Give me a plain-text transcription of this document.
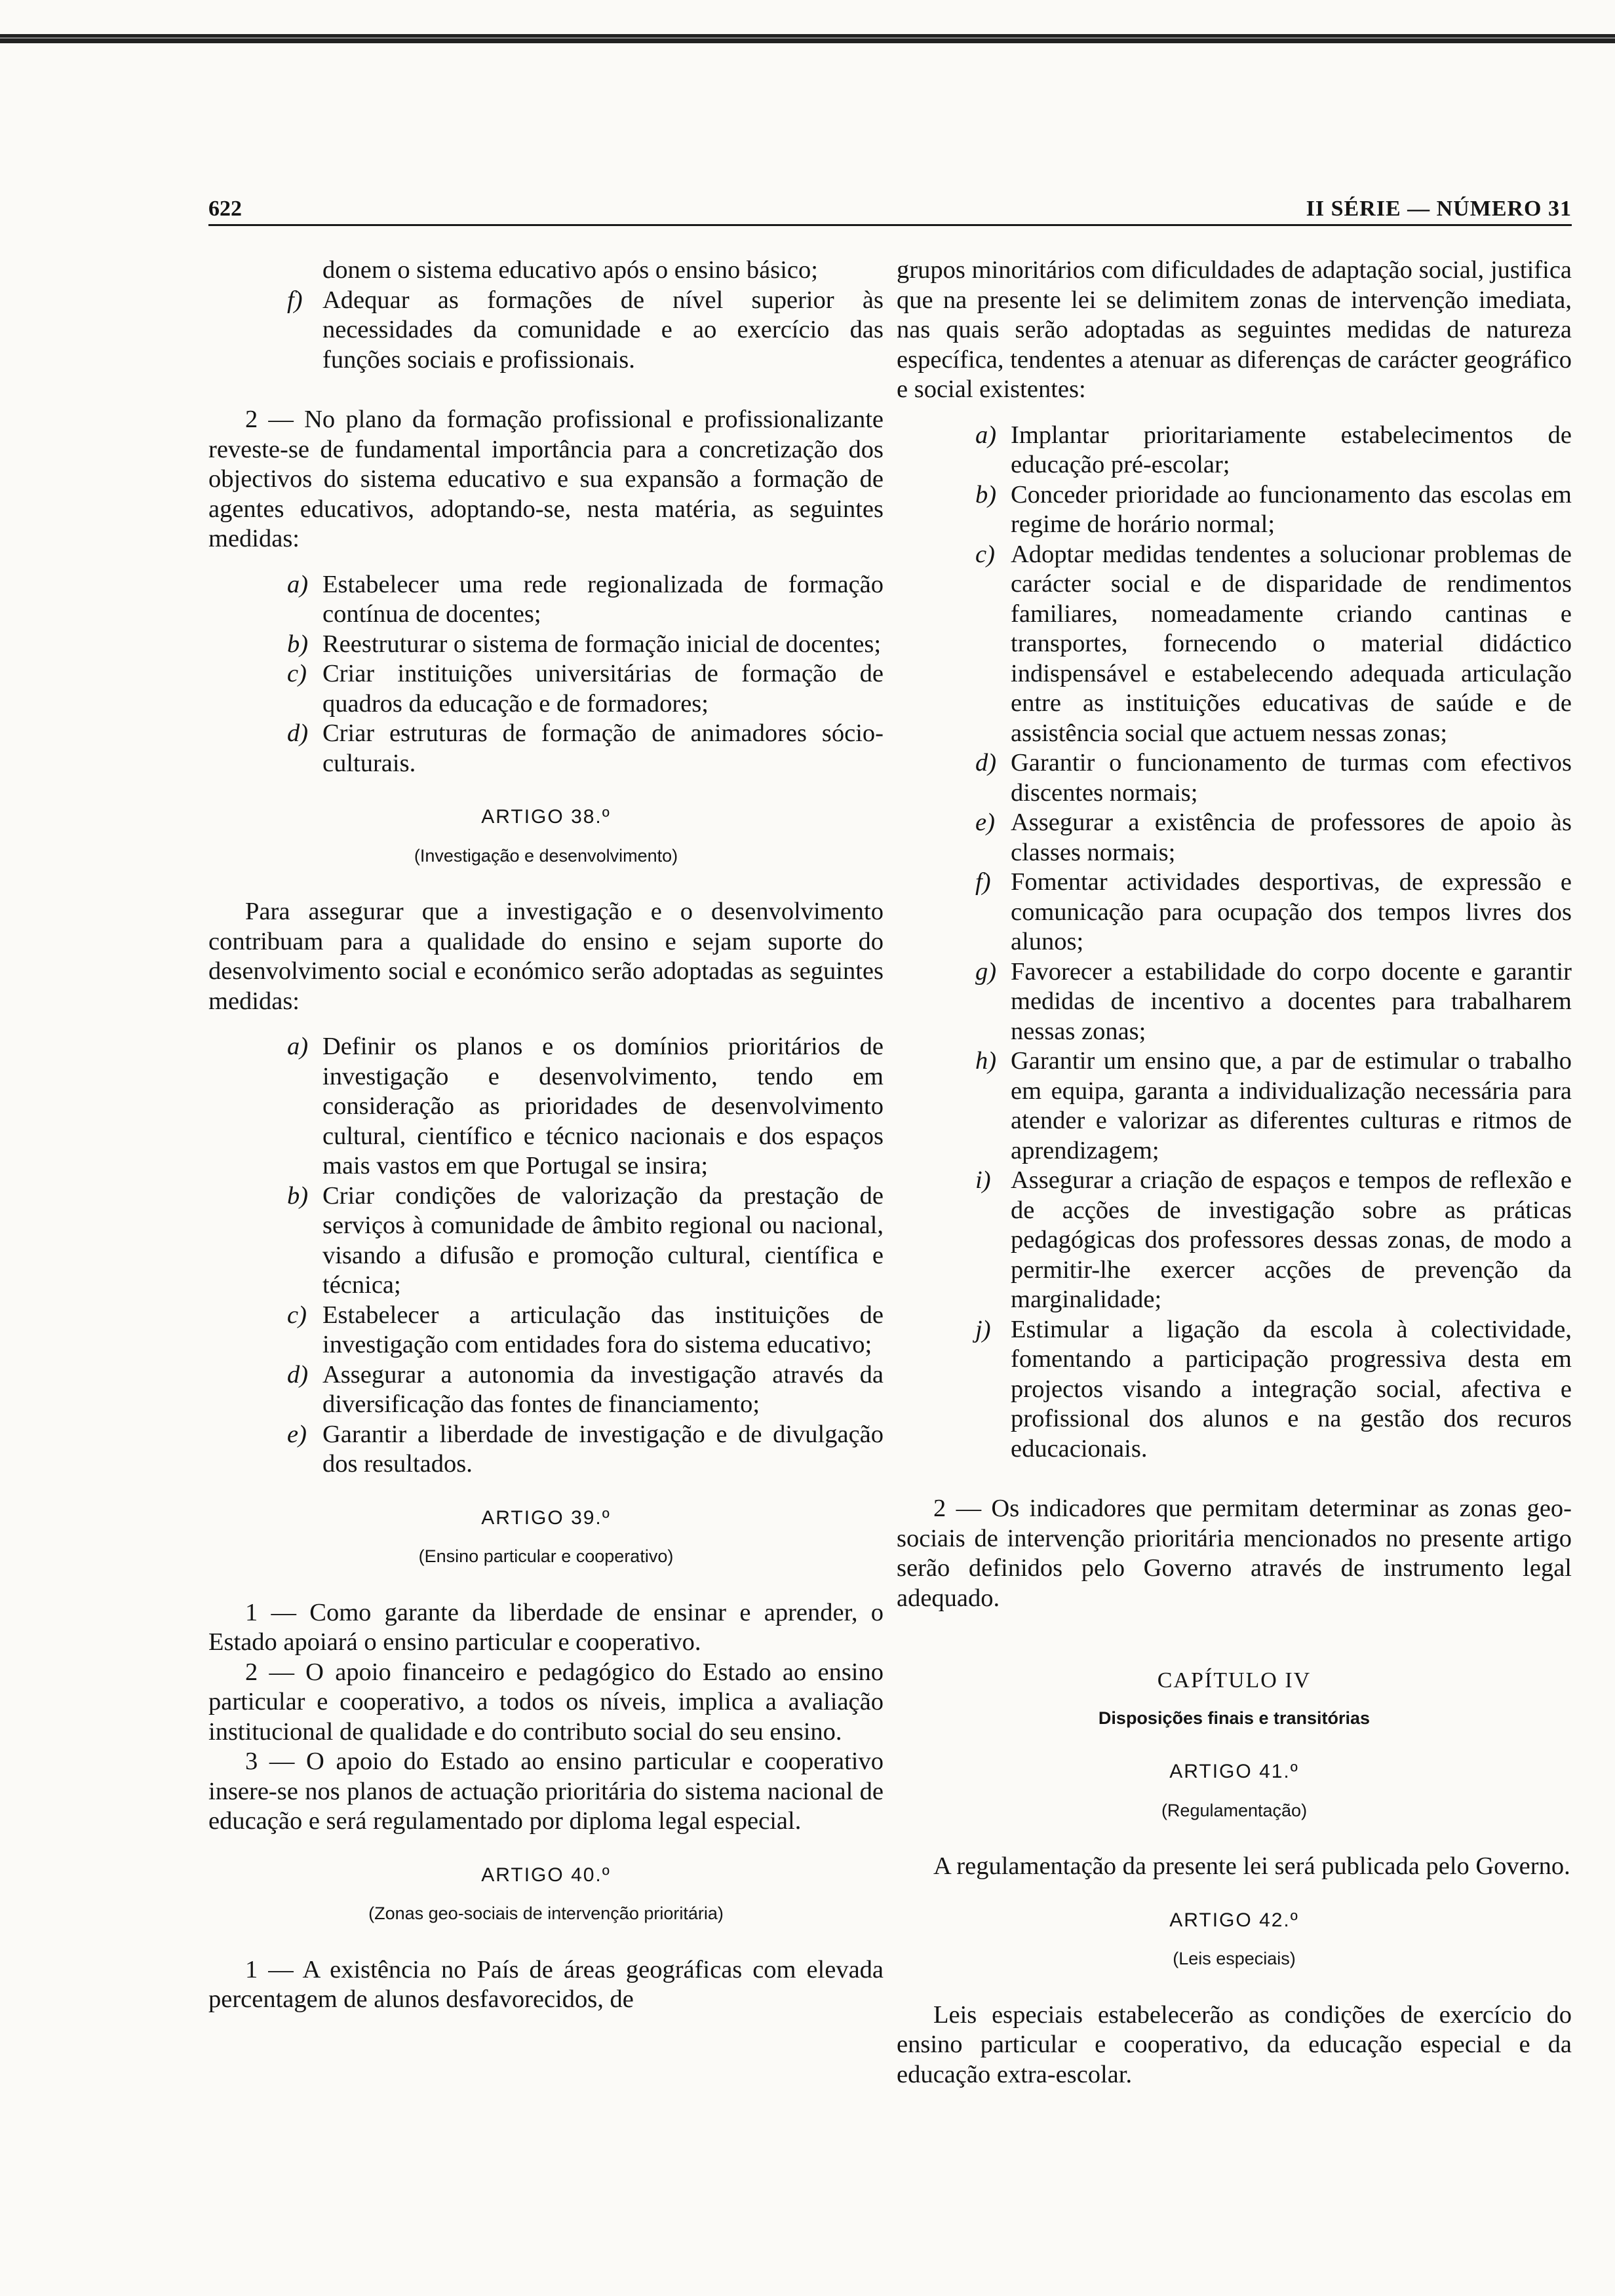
622	II SÉRIE — NÚMERO 31

donem o sistema educativo após o ensino básico;

f) Adequar as formações de nível superior às necessidades da comunidade e ao exercício das funções sociais e profissionais.

2 — No plano da formação profissional e profissionalizante reveste-se de fundamental importância para a concretização dos objectivos do sistema educativo e sua expansão a formação de agentes educativos, adoptando-se, nesta matéria, as seguintes medidas:

a) Estabelecer uma rede regionalizada de formação contínua de docentes;

b) Reestruturar o sistema de formação inicial de docentes;

c) Criar instituições universitárias de formação de quadros da educação e de formadores;

d) Criar estruturas de formação de animadores sócio-culturais.

ARTIGO 38.º
(Investigação e desenvolvimento)

Para assegurar que a investigação e o desenvolvimento contribuam para a qualidade do ensino e sejam suporte do desenvolvimento social e económico serão adoptadas as seguintes medidas:

a) Definir os planos e os domínios prioritários de investigação e desenvolvimento, tendo em consideração as prioridades de desenvolvimento cultural, científico e técnico nacionais e dos espaços mais vastos em que Portugal se insira;

b) Criar condições de valorização da prestação de serviços à comunidade de âmbito regional ou nacional, visando a difusão e promoção cultural, científica e técnica;

c) Estabelecer a articulação das instituições de investigação com entidades fora do sistema educativo;

d) Assegurar a autonomia da investigação através da diversificação das fontes de financiamento;

e) Garantir a liberdade de investigação e de divulgação dos resultados.

ARTIGO 39.º
(Ensino particular e cooperativo)

1 — Como garante da liberdade de ensinar e aprender, o Estado apoiará o ensino particular e cooperativo.

2 — O apoio financeiro e pedagógico do Estado ao ensino particular e cooperativo, a todos os níveis, implica a avaliação institucional de qualidade e do contributo social do seu ensino.

3 — O apoio do Estado ao ensino particular e cooperativo insere-se nos planos de actuação prioritária do sistema nacional de educação e será regulamentado por diploma legal especial.

ARTIGO 40.º
(Zonas geo-sociais de intervenção prioritária)

1 — A existência no País de áreas geográficas com elevada percentagem de alunos desfavorecidos, de

grupos minoritários com dificuldades de adaptação social, justifica que na presente lei se delimitem zonas de intervenção imediata, nas quais serão adoptadas as seguintes medidas de natureza específica, tendentes a atenuar as diferenças de carácter geográfico e social existentes:

a) Implantar prioritariamente estabelecimentos de educação pré-escolar;

b) Conceder prioridade ao funcionamento das escolas em regime de horário normal;

c) Adoptar medidas tendentes a solucionar problemas de carácter social e de disparidade de rendimentos familiares, nomeadamente criando cantinas e transportes, fornecendo o material didáctico indispensável e estabelecendo adequada articulação entre as instituições educativas de saúde e de assistência social que actuem nessas zonas;

d) Garantir o funcionamento de turmas com efectivos discentes normais;

e) Assegurar a existência de professores de apoio às classes normais;

f) Fomentar actividades desportivas, de expressão e comunicação para ocupação dos tempos livres dos alunos;

g) Favorecer a estabilidade do corpo docente e garantir medidas de incentivo a docentes para trabalharem nessas zonas;

h) Garantir um ensino que, a par de estimular o trabalho em equipa, garanta a individualização necessária para atender e valorizar as diferentes culturas e ritmos de aprendizagem;

i) Assegurar a criação de espaços e tempos de reflexão e de acções de investigação sobre as práticas pedagógicas dos professores dessas zonas, de modo a permitir-lhe exercer acções de prevenção da marginalidade;

j) Estimular a ligação da escola à colectividade, fomentando a participação progressiva desta em projectos visando a integração social, afectiva e profissional dos alunos e na gestão dos recuros educacionais.

2 — Os indicadores que permitam determinar as zonas geo-sociais de intervenção prioritária mencionados no presente artigo serão definidos pelo Governo através de instrumento legal adequado.

CAPÍTULO IV
Disposições finais e transitórias
ARTIGO 41.º
(Regulamentação)

A regulamentação da presente lei será publicada pelo Governo.

ARTIGO 42.º
(Leis especiais)

Leis especiais estabelecerão as condições de exercício do ensino particular e cooperativo, da educação especial e da educação extra-escolar.
